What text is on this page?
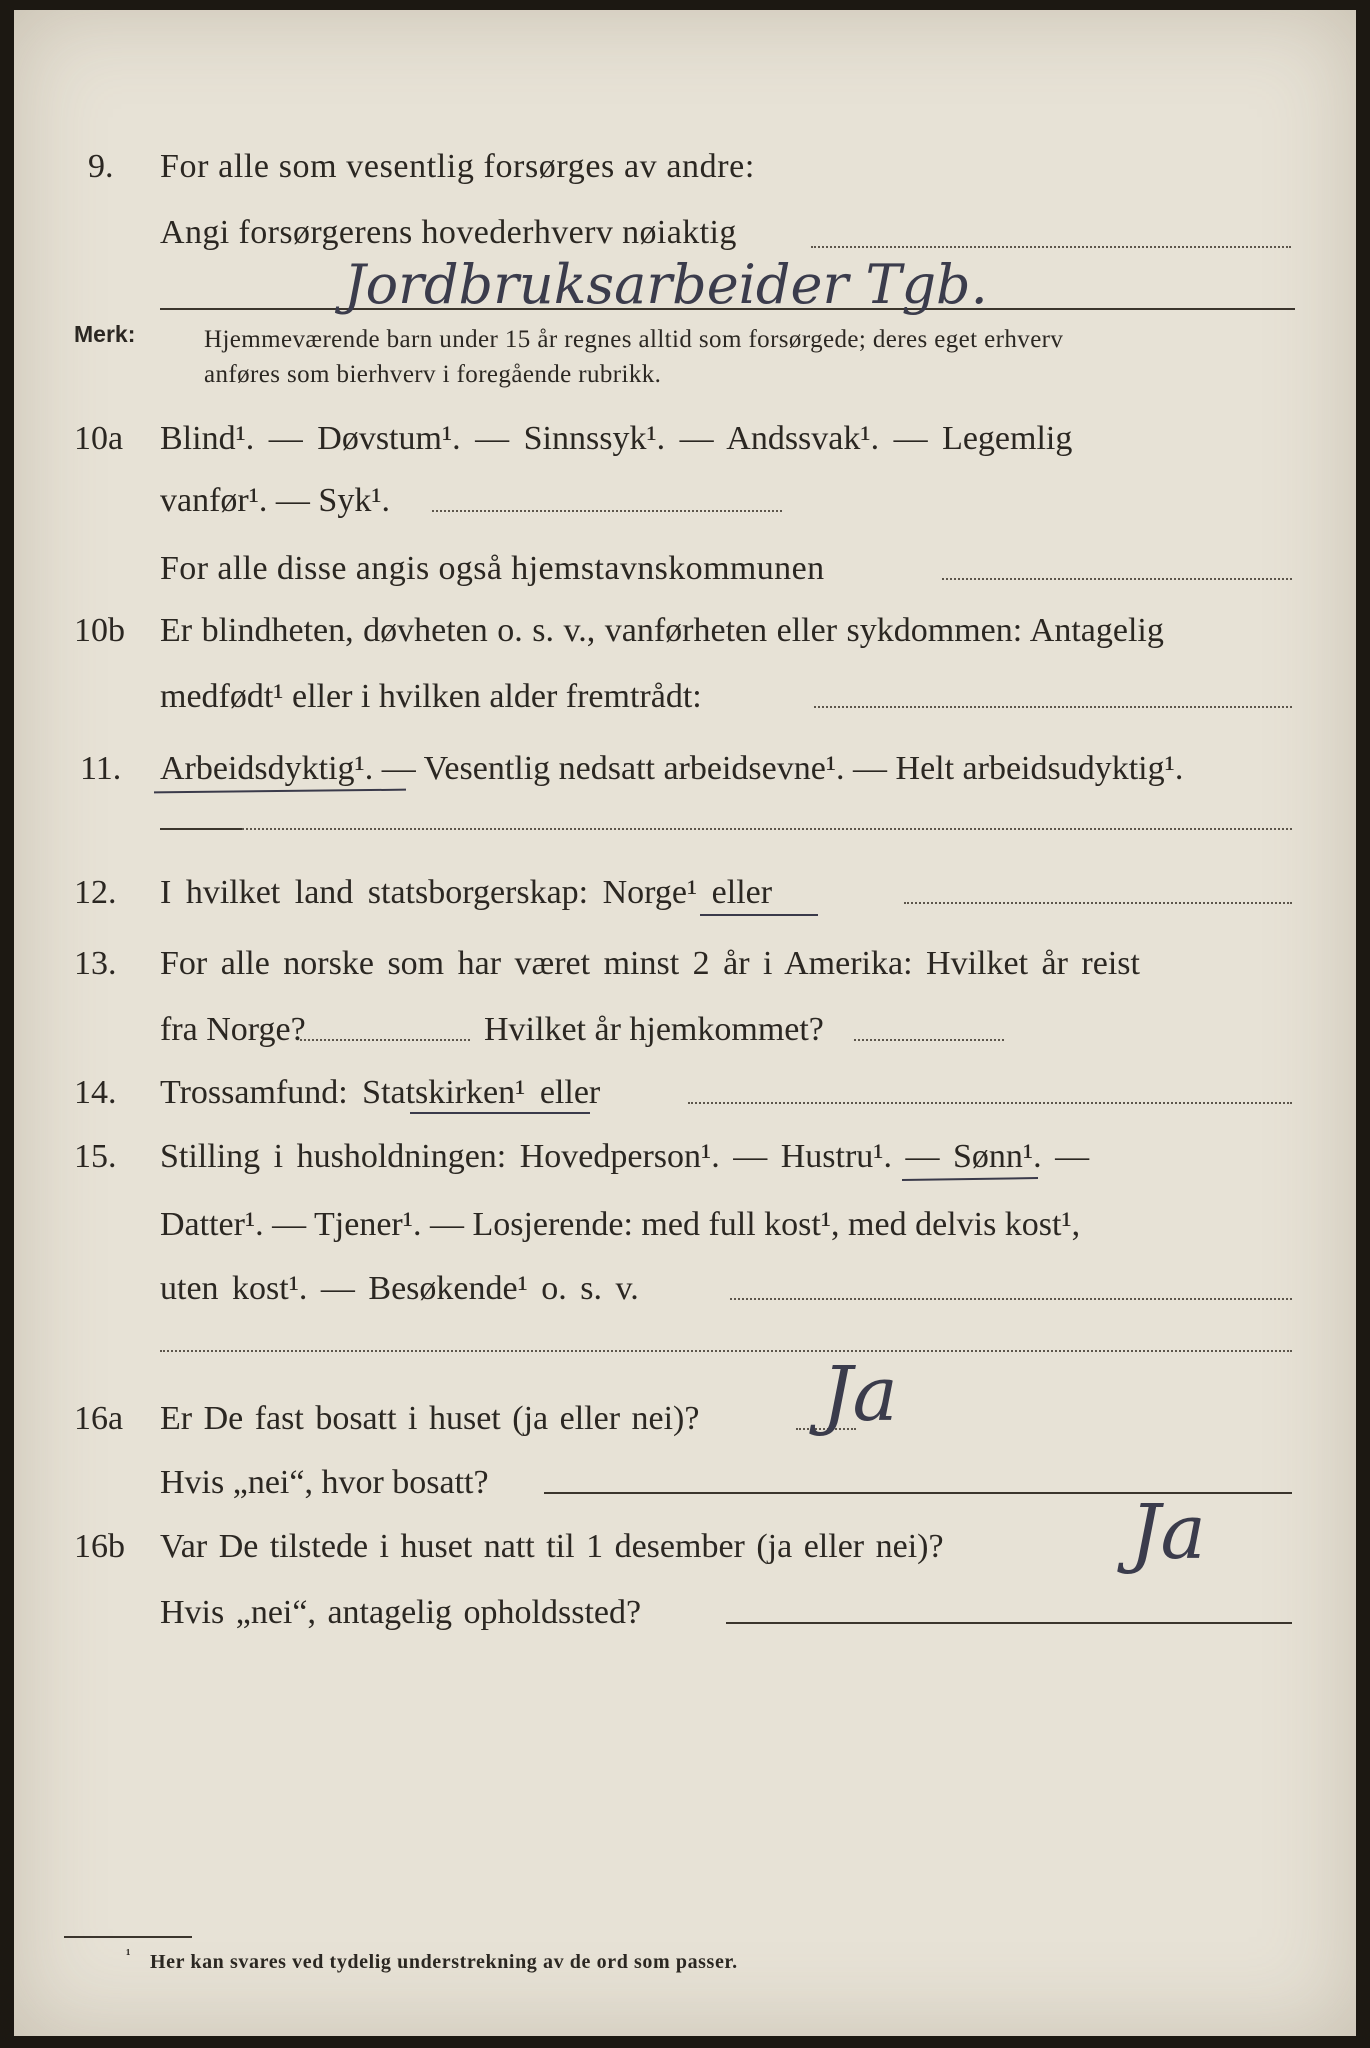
9. For alle som vesentlig forsørges av andre:
Angi forsørgerens hovederhverv nøiaktig
Jordbruksarbeider Tgb.
Merk:	Hjemmeværende barn under 15 år regnes alltid som forsørgede; deres eget erhverv
anføres som bierhverv i foregående rubrikk.
10a Blind¹. — Døvstum¹. — Sinnssyk¹. — Andssvak¹. — Legemlig
vanfør¹. — Syk¹.
For alle disse angis også hjemstavnskommunen
10b Er blindheten, døvheten o. s. v., vanførheten eller sykdommen: Antagelig
medfødt¹ eller i hvilken alder fremtrådt:
11. Arbeidsdyktig¹. — Vesentlig nedsatt arbeidsevne¹. — Helt arbeidsudyktig¹.
12. I hvilket land statsborgerskap: Norge¹ eller
13. For alle norske som har været minst 2 år i Amerika: Hvilket år reist
fra Norge?	Hvilket år hjemkommet?
14. Trossamfund: Statskirken¹ eller
15. Stilling i husholdningen: Hovedperson¹. — Hustru¹. — Sønn¹. —
Datter¹. — Tjener¹. — Losjerende: med full kost¹, med delvis kost¹,
uten kost¹. — Besøkende¹ o. s. v.
16a Er De fast bosatt i huset (ja eller nei)? Ja
Hvis „nei“, hvor bosatt?
16b Var De tilstede i huset natt til 1 desember (ja eller nei)? Ja
Hvis „nei“, antagelig opholdssted?
¹ Her kan svares ved tydelig understrekning av de ord som passer.
